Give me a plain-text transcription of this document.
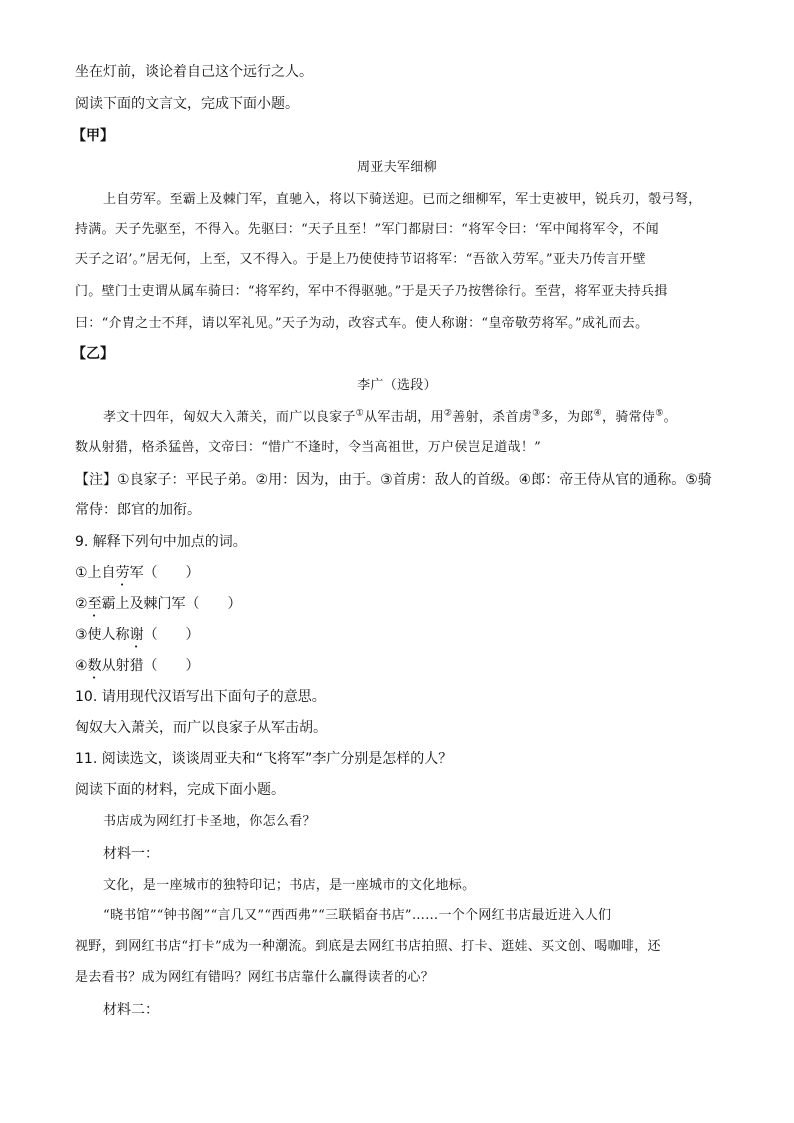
坐在灯前，谈论着自己这个远行之人。
阅读下面的文言文，完成下面小题。
【甲】
周亚夫军细柳
上自劳军。至霸上及棘门军，直驰入，将以下骑送迎。已而之细柳军，军士吏被甲，锐兵刃，彀弓弩，
持满。天子先驱至，不得入。先驱曰：“天子且至！”军门都尉曰：“将军令曰：‘军中闻将军令，不闻
天子之诏’。”居无何，上至，又不得入。于是上乃使使持节诏将军：“吾欲入劳军。”亚夫乃传言开壁
门。壁门士吏谓从属车骑曰：“将军约，军中不得驱驰。”于是天子乃按辔徐行。至营，将军亚夫持兵揖
曰：“介胄之士不拜，请以军礼见。”天子为动，改容式车。使人称谢：“皇帝敬劳将军。”成礼而去。
【乙】
李广（选段）
孝文十四年，匈奴大入萧关，而广以良家子①从军击胡，用②善射，杀首虏③多，为郎④，骑常侍⑤。
数从射猎，格杀猛兽，文帝曰：“惜广不逢时，令当高祖世，万户侯岂足道哉！”
【注】①良家子：平民子弟。②用：因为，由于。③首虏：敌人的首级。④郎：帝王侍从官的通称。⑤骑
常侍：郎官的加衔。
9. 解释下列句中加点的词。
①上自劳军（　　）
②至霸上及棘门军（　　）
③使人称谢（　　）
④数从射猎（　　）
10. 请用现代汉语写出下面句子的意思。
匈奴大入萧关，而广以良家子从军击胡。
11. 阅读选文，谈谈周亚夫和“飞将军”李广分别是怎样的人？
阅读下面的材料，完成下面小题。
书店成为网红打卡圣地，你怎么看？
材料一：
文化，是一座城市的独特印记；书店，是一座城市的文化地标。
“晓书馆”“钟书阁”“言几又”“西西弗”“三联韬奋书店”……一个个网红书店最近进入人们
视野，到网红书店“打卡”成为一种潮流。到底是去网红书店拍照、打卡、逛娃、买文创、喝咖啡，还
是去看书？成为网红有错吗？网红书店靠什么赢得读者的心？
材料二：
